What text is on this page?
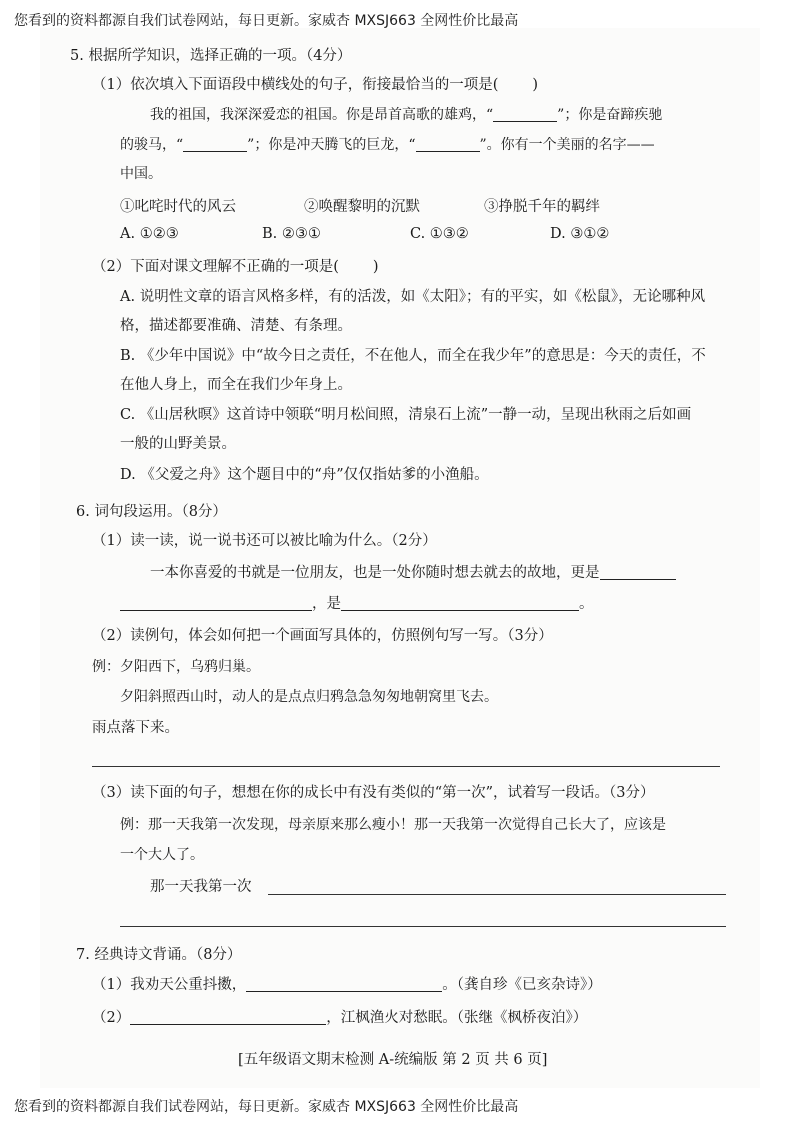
您看到的资料都源自我们试卷网站，每日更新。家威杏 MXSJ663 全网性价比最高
5. 根据所学知识，选择正确的一项。（4分）
（1）依次填入下面语段中横线处的句子，衔接最恰当的一项是( )
我的祖国，我深深爱恋的祖国。你是昂首高歌的雄鸡，“	”；你是奋蹄疾驰
的骏马，“	”；你是冲天腾飞的巨龙，“	”。你有一个美丽的名字——
中国。
①叱咤时代的风云	②唤醒黎明的沉默	③挣脱千年的羁绊
A. ①②③	B. ②③①	C. ①③②	D. ③①②
（2）下面对课文理解不正确的一项是( )
A. 说明性文章的语言风格多样，有的活泼，如《太阳》；有的平实，如《松鼠》，无论哪种风
格，描述都要准确、清楚、有条理。
B. 《少年中国说》中“故今日之责任，不在他人，而全在我少年”的意思是：今天的责任，不
在他人身上，而全在我们少年身上。
C. 《山居秋暝》这首诗中领联“明月松间照，清泉石上流”一静一动，呈现出秋雨之后如画
一般的山野美景。
D. 《父爱之舟》这个题目中的“舟”仅仅指姑爹的小渔船。
6. 词句段运用。（8分）
（1）读一读，说一说书还可以被比喻为什么。（2分）
一本你喜爱的书就是一位朋友，也是一处你随时想去就去的故地，更是
，是	。
（2）读例句，体会如何把一个画面写具体的，仿照例句写一写。（3分）
例：夕阳西下，乌鸦归巢。
夕阳斜照西山时，动人的是点点归鸦急急匆匆地朝窝里飞去。
雨点落下来。
（3）读下面的句子，想想在你的成长中有没有类似的“第一次”，试着写一段话。（3分）
例：那一天我第一次发现，母亲原来那么瘦小！那一天我第一次觉得自己长大了，应该是
一个大人了。
那一天我第一次
7. 经典诗文背诵。（8分）
（1）我劝天公重抖擞，	。（龚自珍《已亥杂诗》）
（2）	，江枫渔火对愁眠。（张继《枫桥夜泊》）
[五年级语文期末检测 A-统编版 第 2 页 共 6 页]
您看到的资料都源自我们试卷网站，每日更新。家威杏 MXSJ663 全网性价比最高
